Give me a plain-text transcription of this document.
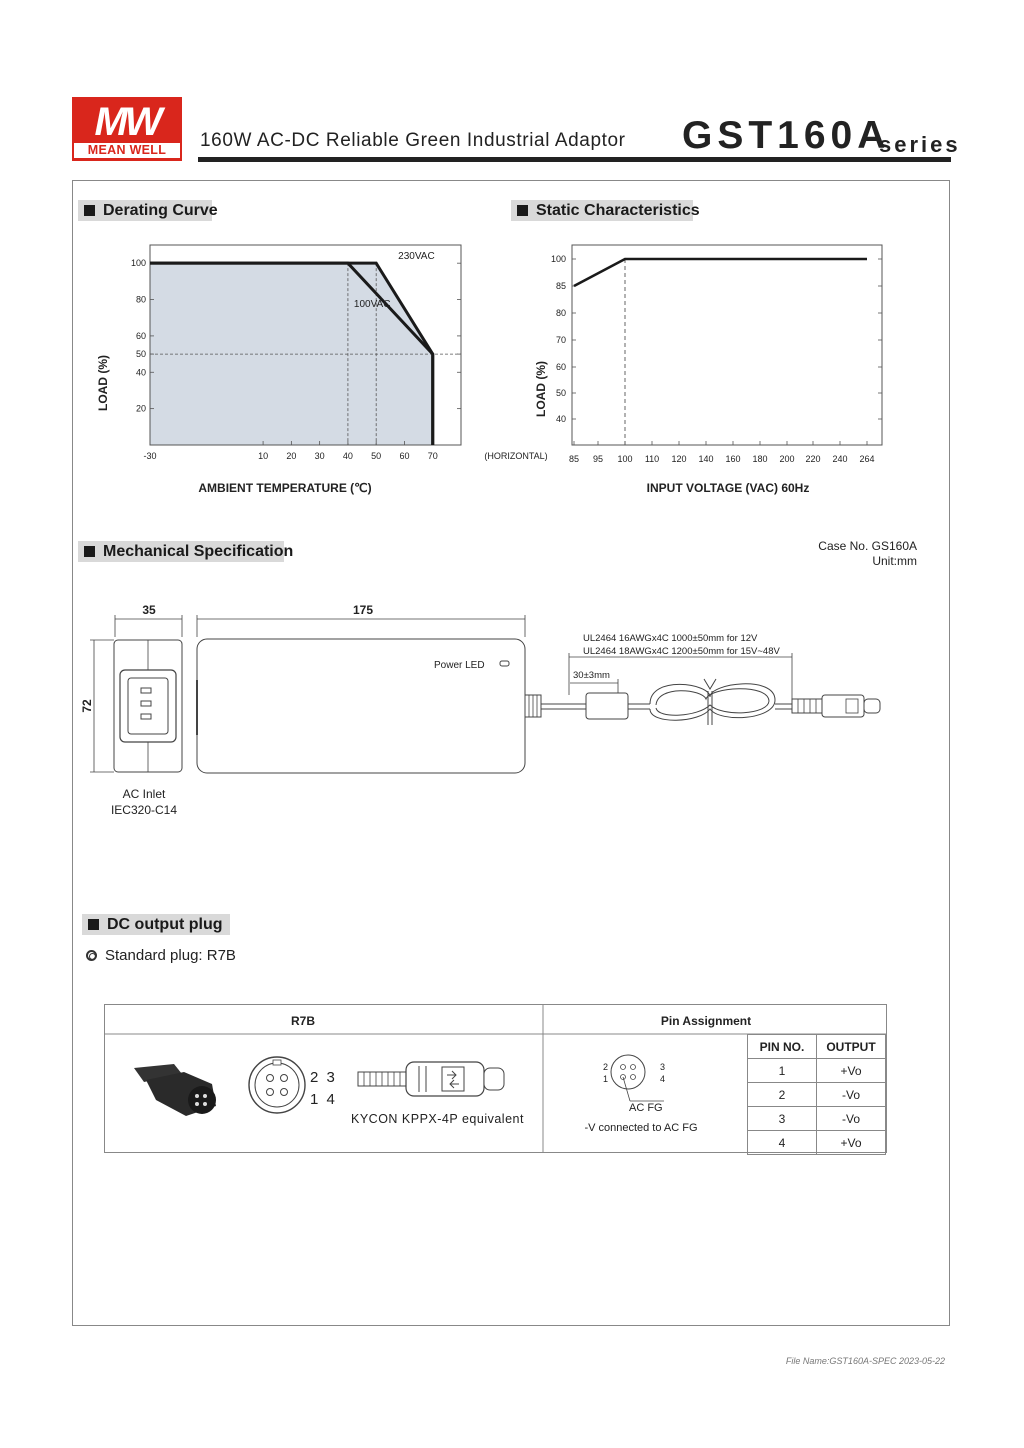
MW
MEAN WELL	160W AC-DC Reliable Green Industrial Adaptor GST160A
series
Derating Curve	Static Characteristics
Mechanical Specification
DC output plug
-30	10 20 30 40 50 60 70	(HORIZONTAL)
100
80
60
50
40
20
230VAC
100VAC
AMBIENT TEMPERATURE (℃)
LOAD (%)
85 95 100 110 120 140 160 180 200 220 240 264
100
85
80
70
60
50
40
INPUT VOLTAGE (VAC) 60Hz
LOAD (%)
Case No. GS160A
Unit:mm
35	175
72
Power LED
UL2464 16AWGx4C 1000±50mm for 12V
UL2464 18AWGx4C 1200±50mm for 15V~48V
30±3mm
AC Inlet
IEC320-C14
Standard plug: R7B
R7B	Pin Assignment
2 3
1 4
KYCON KPPX-4P equivalent
2
1
3
4
AC FG
-V connected to AC FG
PIN NO.	OUTPUT
1	+Vo
2	-Vo
3	-Vo
4	+Vo
File Name:GST160A-SPEC 2023-05-22
